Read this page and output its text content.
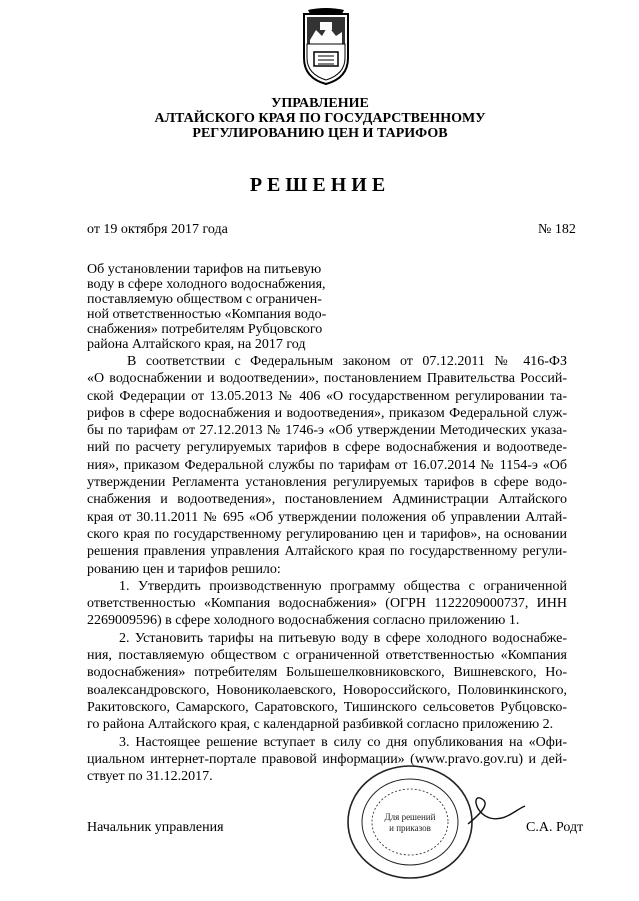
УПРАВЛЕНИЕ
АЛТАЙСКОГО КРАЯ ПО ГОСУДАРСТВЕННОМУ
РЕГУЛИРОВАНИЮ ЦЕН И ТАРИФОВ
РЕШЕНИЕ
от 19 октября 2017 года	№ 182
Об установлении тарифов на питьевую
воду в сфере холодного водоснабжения,
поставляемую обществом с ограничен-
ной ответственностью «Компания водо-
снабжения» потребителям Рубцовского
района Алтайского края, на 2017 год
В соответствии с Федеральным законом от 07.12.2011 № 416-ФЗ
«О водоснабжении и водоотведении», постановлением Правительства Россий-
ской Федерации от 13.05.2013 № 406 «О государственном регулировании та-
рифов в сфере водоснабжения и водоотведения», приказом Федеральной служ-
бы по тарифам от 27.12.2013 № 1746-э «Об утверждении Методических указа-
ний по расчету регулируемых тарифов в сфере водоснабжения и водоотведе-
ния», приказом Федеральной службы по тарифам от 16.07.2014 № 1154-э «Об
утверждении Регламента установления регулируемых тарифов в сфере водо-
снабжения и водоотведения», постановлением Администрации Алтайского
края от 30.11.2011 № 695 «Об утверждении положения об управлении Алтай-
ского края по государственному регулированию цен и тарифов», на основании
решения правления управления Алтайского края по государственному регули-
рованию цен и тарифов решило:
1. Утвердить производственную программу общества с ограниченной
ответственностью «Компания водоснабжения» (ОГРН 1122209000737, ИНН
2269009596) в сфере холодного водоснабжения согласно приложению 1.
2. Установить тарифы на питьевую воду в сфере холодного водоснабже-
ния, поставляемую обществом с ограниченной ответственностью «Компания
водоснабжения» потребителям Большешелковниковского, Вишневского, Но-
воалександровского, Новониколаевского, Новороссийского, Половинкинского,
Ракитовского, Самарского, Саратовского, Тишинского сельсоветов Рубцовско-
го района Алтайского края, с календарной разбивкой согласно приложению 2.
3. Настоящее решение вступает в силу со дня опубликования на «Офи-
циальном интернет-портале правовой информации» (www.pravo.gov.ru) и дей-
ствует по 31.12.2017.
Для решений
и приказов
Начальник управления	С.А. Родт
